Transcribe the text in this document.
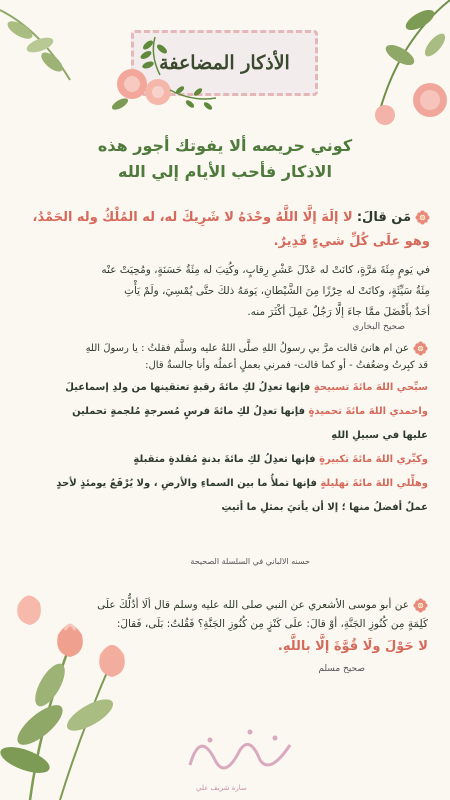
الأذكار المضاعفة
كوني حريصه ألا يفوتك أجور هذه
الاذكار فأحب الأيام إلي الله
مَن قالَ: لا إلَهَ إلَّا اللَّهُ وحْدَهُ لا شَرِيكَ له، له المُلْكُ وله الحَمْدُ،
وهو علَى كُلِّ شيءٍ قَدِيرٌ.
في يَومٍ مِئَةَ مَرَّةٍ، كانَتْ له عَدْلَ عَشْرِ رِقابٍ، وكُتِبَ له مِئَةُ حَسَنَةٍ، ومُحِيَتْ عنْه
مِئَةُ سَيِّئَةٍ، وكانَتْ له حِرْزًا مِنَ الشَّيْطانِ، يَومَهُ ذلكَ حتَّى يُمْسِيَ، ولَمْ يَأْتِ
أحَدٌ بأَفْضَلَ ممَّا جاءَ إلَّا رَجُلٌ عَمِلَ أكْثَرَ منه.
صحيح البخاري
عن ام هانئ قالت مرَّ بي رسولُ اللهِ صلَّى اللهُ عليه وسلَّم فقلتُ : يا رسولَ اللهِ
قد كبِرتُ وضعُفتُ - أو كما قالت- فمرني بعملٍ أعملُه وأنا جالسةٌ قال:
سبِّحي اللهَ مائةَ تسبيحةٍ فإنها تعدِلُ لكِ مائةَ رقبةٍ تعتقينها من ولدِ إسماعيلَ
واحمدي اللهَ مائةَ تحميدةٍ فإنها تعدِلُ لكِ مائةَ فرسٍ مُسرجةٍ مُلجمةٍ تحملين
عليها في سبيلِ اللهِ
وكبِّري اللهَ مائةَ تكبيرةٍ فإنها تعدِلُ لكِ مائةَ بدنةٍ مُقلدةٍ متقبلةٍ
وهلِّلي اللهَ مائةَ تهليلةٍ فإنها تملأُ ما بين السماءِ والأرضِ ، ولا يُرْفَعُ يومئذٍ لأحدٍ
عملٌ أفضلُ منها ؛ إلا أن يأتيَ بمثلِ ما أتيتِ
حسنه الالباني في السلسلة الصحيحة
عن أبو موسى الأشعري عن النبي صلى الله عليه وسلم قال ألَا أدُلُّكَ علَى
كَلِمَةٍ مِن كُنُوزِ الجَنَّةِ، أوْ قالَ: علَى كَنْزٍ مِن كُنُوزِ الجَنَّةِ؟ فَقُلتُ: بَلَى، فَقالَ:
لا حَوْلَ ولَا قُوَّةَ إلَّا باللَّهِ.
صحيح مسلم
سارة شريف علي
